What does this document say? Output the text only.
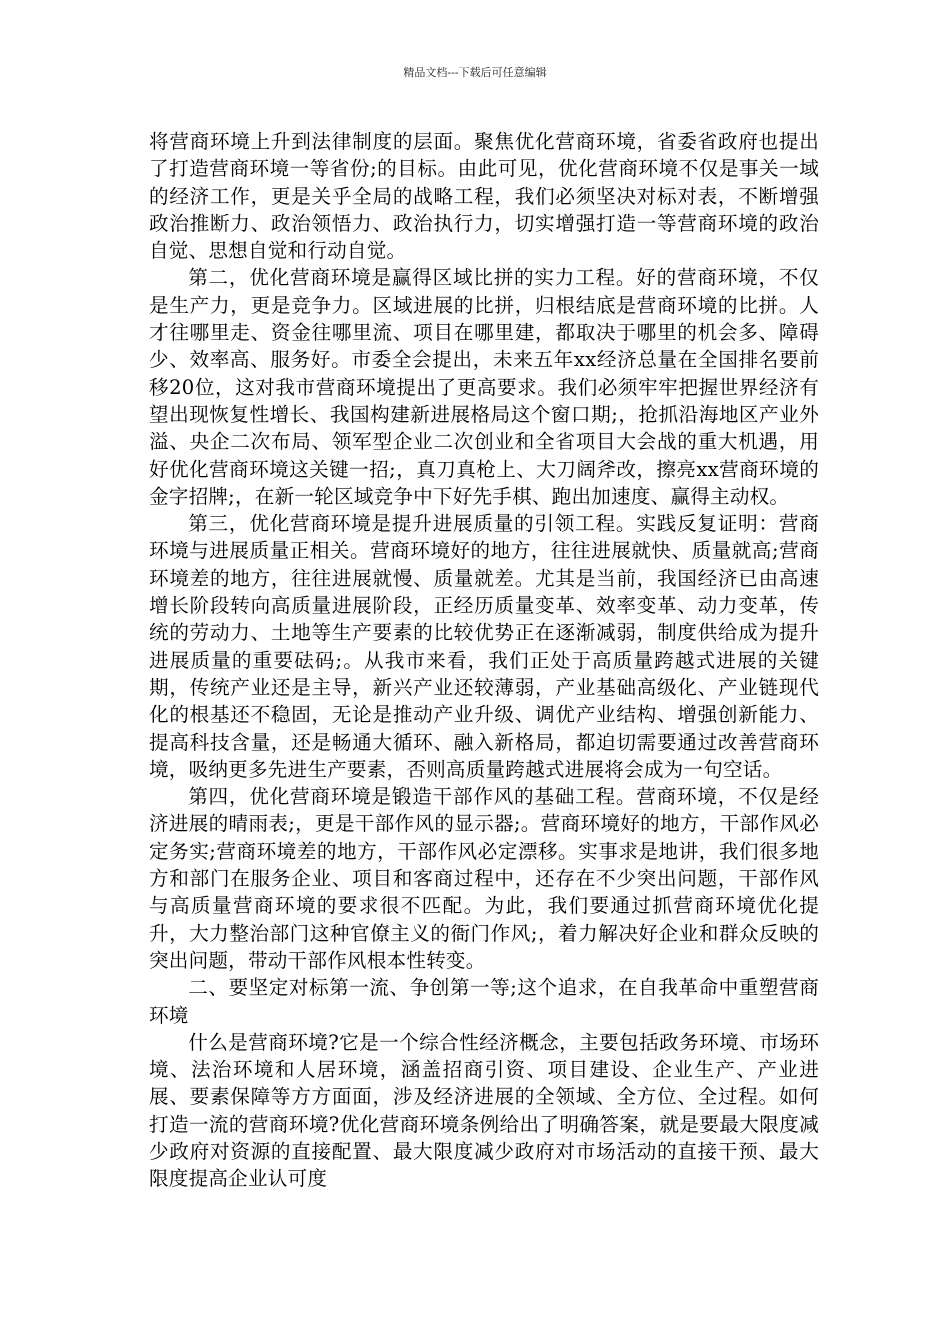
精品文档---下载后可任意编辑

将营商环境上升到法律制度的层面。聚焦优化营商环境，省委省政府也提出了打造营商环境一等省份;的目标。由此可见，优化营商环境不仅是事关一域的经济工作，更是关乎全局的战略工程，我们必须坚决对标对表，不断增强政治推断力、政治领悟力、政治执行力，切实增强打造一等营商环境的政治自觉、思想自觉和行动自觉。

第二，优化营商环境是赢得区域比拼的实力工程。好的营商环境，不仅是生产力，更是竞争力。区域进展的比拼，归根结底是营商环境的比拼。人才往哪里走、资金往哪里流、项目在哪里建，都取决于哪里的机会多、障碍少、效率高、服务好。市委全会提出，未来五年xx经济总量在全国排名要前移20位，这对我市营商环境提出了更高要求。我们必须牢牢把握世界经济有望出现恢复性增长、我国构建新进展格局这个窗口期;，抢抓沿海地区产业外溢、央企二次布局、领军型企业二次创业和全省项目大会战的重大机遇，用好优化营商环境这关键一招;，真刀真枪上、大刀阔斧改，擦亮xx营商环境的金字招牌;，在新一轮区域竞争中下好先手棋、跑出加速度、赢得主动权。

第三，优化营商环境是提升进展质量的引领工程。实践反复证明：营商环境与进展质量正相关。营商环境好的地方，往往进展就快、质量就高;营商环境差的地方，往往进展就慢、质量就差。尤其是当前，我国经济已由高速增长阶段转向高质量进展阶段，正经历质量变革、效率变革、动力变革，传统的劳动力、土地等生产要素的比较优势正在逐渐减弱，制度供给成为提升进展质量的重要砝码;。从我市来看，我们正处于高质量跨越式进展的关键期，传统产业还是主导，新兴产业还较薄弱，产业基础高级化、产业链现代化的根基还不稳固，无论是推动产业升级、调优产业结构、增强创新能力、提高科技含量，还是畅通大循环、融入新格局，都迫切需要通过改善营商环境，吸纳更多先进生产要素，否则高质量跨越式进展将会成为一句空话。

第四，优化营商环境是锻造干部作风的基础工程。营商环境，不仅是经济进展的晴雨表;，更是干部作风的显示器;。营商环境好的地方，干部作风必定务实;营商环境差的地方，干部作风必定漂移。实事求是地讲，我们很多地方和部门在服务企业、项目和客商过程中，还存在不少突出问题，干部作风与高质量营商环境的要求很不匹配。为此，我们要通过抓营商环境优化提升，大力整治部门这种官僚主义的衙门作风;，着力解决好企业和群众反映的突出问题，带动干部作风根本性转变。

二、要坚定对标第一流、争创第一等;这个追求，在自我革命中重塑营商环境

什么是营商环境?它是一个综合性经济概念，主要包括政务环境、市场环境、法治环境和人居环境，涵盖招商引资、项目建设、企业生产、产业进展、要素保障等方方面面，涉及经济进展的全领域、全方位、全过程。如何打造一流的营商环境?优化营商环境条例给出了明确答案，就是要最大限度减少政府对资源的直接配置、最大限度减少政府对市场活动的直接干预、最大限度提高企业认可度
